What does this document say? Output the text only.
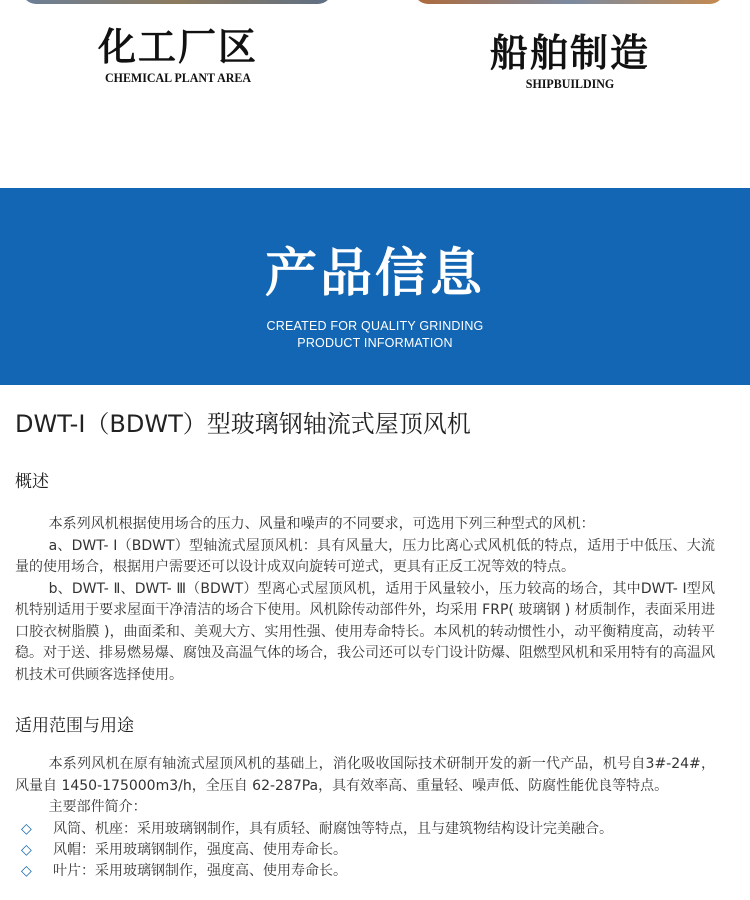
化工厂区
CHEMICAL PLANT AREA
船舶制造
SHIPBUILDING
产品信息
CREATED FOR QUALITY GRINDING
PRODUCT INFORMATION
DWT-I（BDWT）型玻璃钢轴流式屋顶风机
概述

本系列风机根据使用场合的压力、风量和噪声的不同要求，可选用下列三种型式的风机：

a、DWT- Ⅰ（BDWT）型轴流式屋顶风机：具有风量大，压力比离心式风机低的特点，适用于中低压、大流量的使用场合，根据用户需要还可以设计成双向旋转可逆式，更具有正反工况等效的特点。

b、DWT- Ⅱ、DWT- Ⅲ（BDWT）型离心式屋顶风机，适用于风量较小，压力较高的场合，其中DWT- Ⅰ型风机特别适用于要求屋面干净清洁的场合下使用。风机除传动部件外，均采用 FRP( 玻璃钢 ) 材质制作，表面采用进口胶衣树脂膜 )，曲面柔和、美观大方、实用性强、使用寿命特长。本风机的转动惯性小，动平衡精度高，动转平稳。对于送、排易燃易爆、腐蚀及高温气体的场合，我公司还可以专门设计防爆、阻燃型风机和采用特有的高温风机技术可供顾客选择使用。

适用范围与用途

本系列风机在原有轴流式屋顶风机的基础上，消化吸收国际技术研制开发的新一代产品，机号自3#-24#，风量自 1450-175000m3/h，全压自 62-287Pa，具有效率高、重量轻、噪声低、防腐性能优良等特点。

主要部件简介：

◇	风筒、机座：采用玻璃钢制作，具有质轻、耐腐蚀等特点，且与建筑物结构设计完美融合。
◇	风帽：采用玻璃钢制作，强度高、使用寿命长。
◇	叶片：采用玻璃钢制作，强度高、使用寿命长。
